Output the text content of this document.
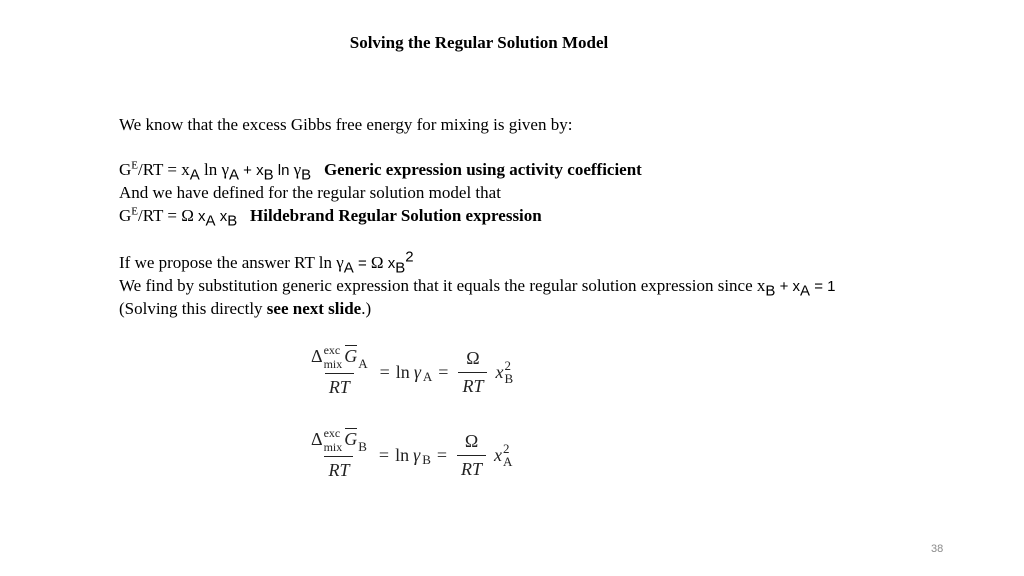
Solving the Regular Solution Model
We know that the excess Gibbs free energy for mixing is given by:
$G^E/RT = x_A$ $\ln \gamma_A + x_B$ $\ln \gamma_B$ Generic expression using activity coefficient
And we have defined for the regular solution model that
$G^E/RT = \Omega$ $x_A$ $x_B$ Hildebrand Regular Solution expression
If we propose the answer RT $\ln \gamma_A = \Omega$ $x_B^2$
We find by substitution generic expression that it equals the regular solution expression since $x_B + x_A = 1$
(Solving this directly see next slide.)
Δ exc
mix G A
RT = ln γ $A = \frac{\Omega}{RT}$ x 2
B
Δ exc
mix G B
RT = ln γ $B = \frac{\Omega}{RT}$ x 2
A
38
